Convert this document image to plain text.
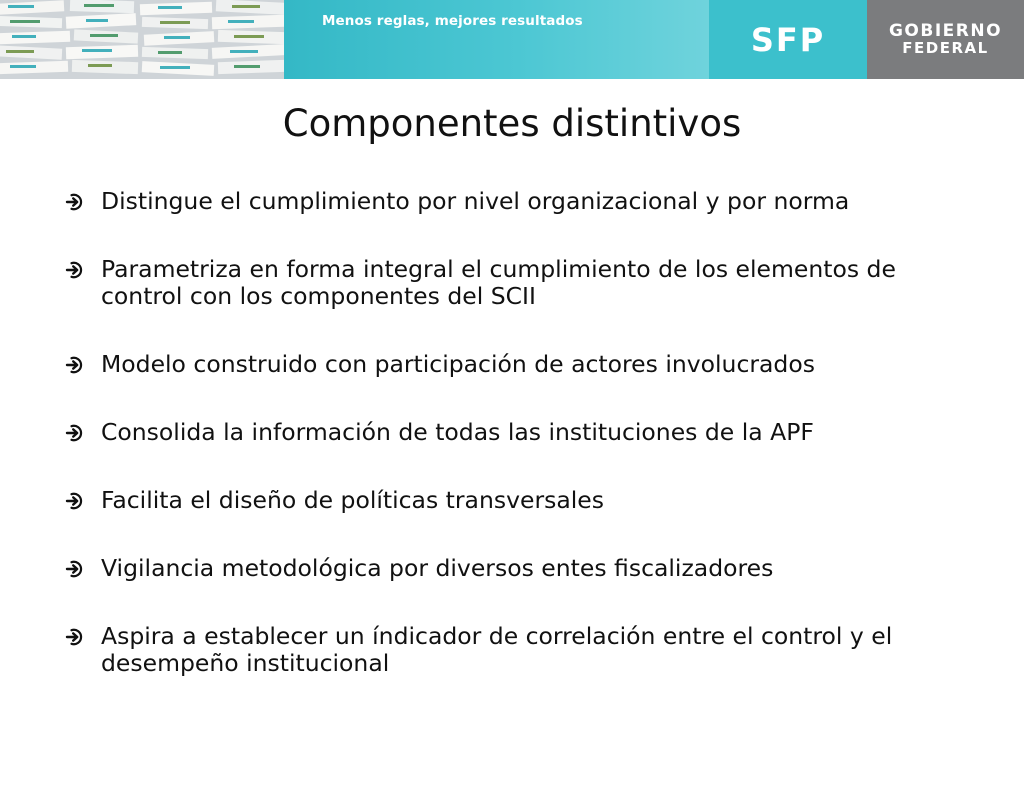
Menos reglas, mejores resultados	SFP	GOBIERNO
FEDERAL
Componentes distintivos
Distingue el cumplimiento por nivel organizacional y por norma
Parametriza en forma integral el cumplimiento de los elementos de control con los componentes del SCII
Modelo construido con participación de actores involucrados
Consolida la información de todas las instituciones de la APF
Facilita el diseño de políticas transversales
Vigilancia metodológica por diversos entes fiscalizadores
Aspira a establecer un índicador de correlación entre el control y el desempeño institucional
